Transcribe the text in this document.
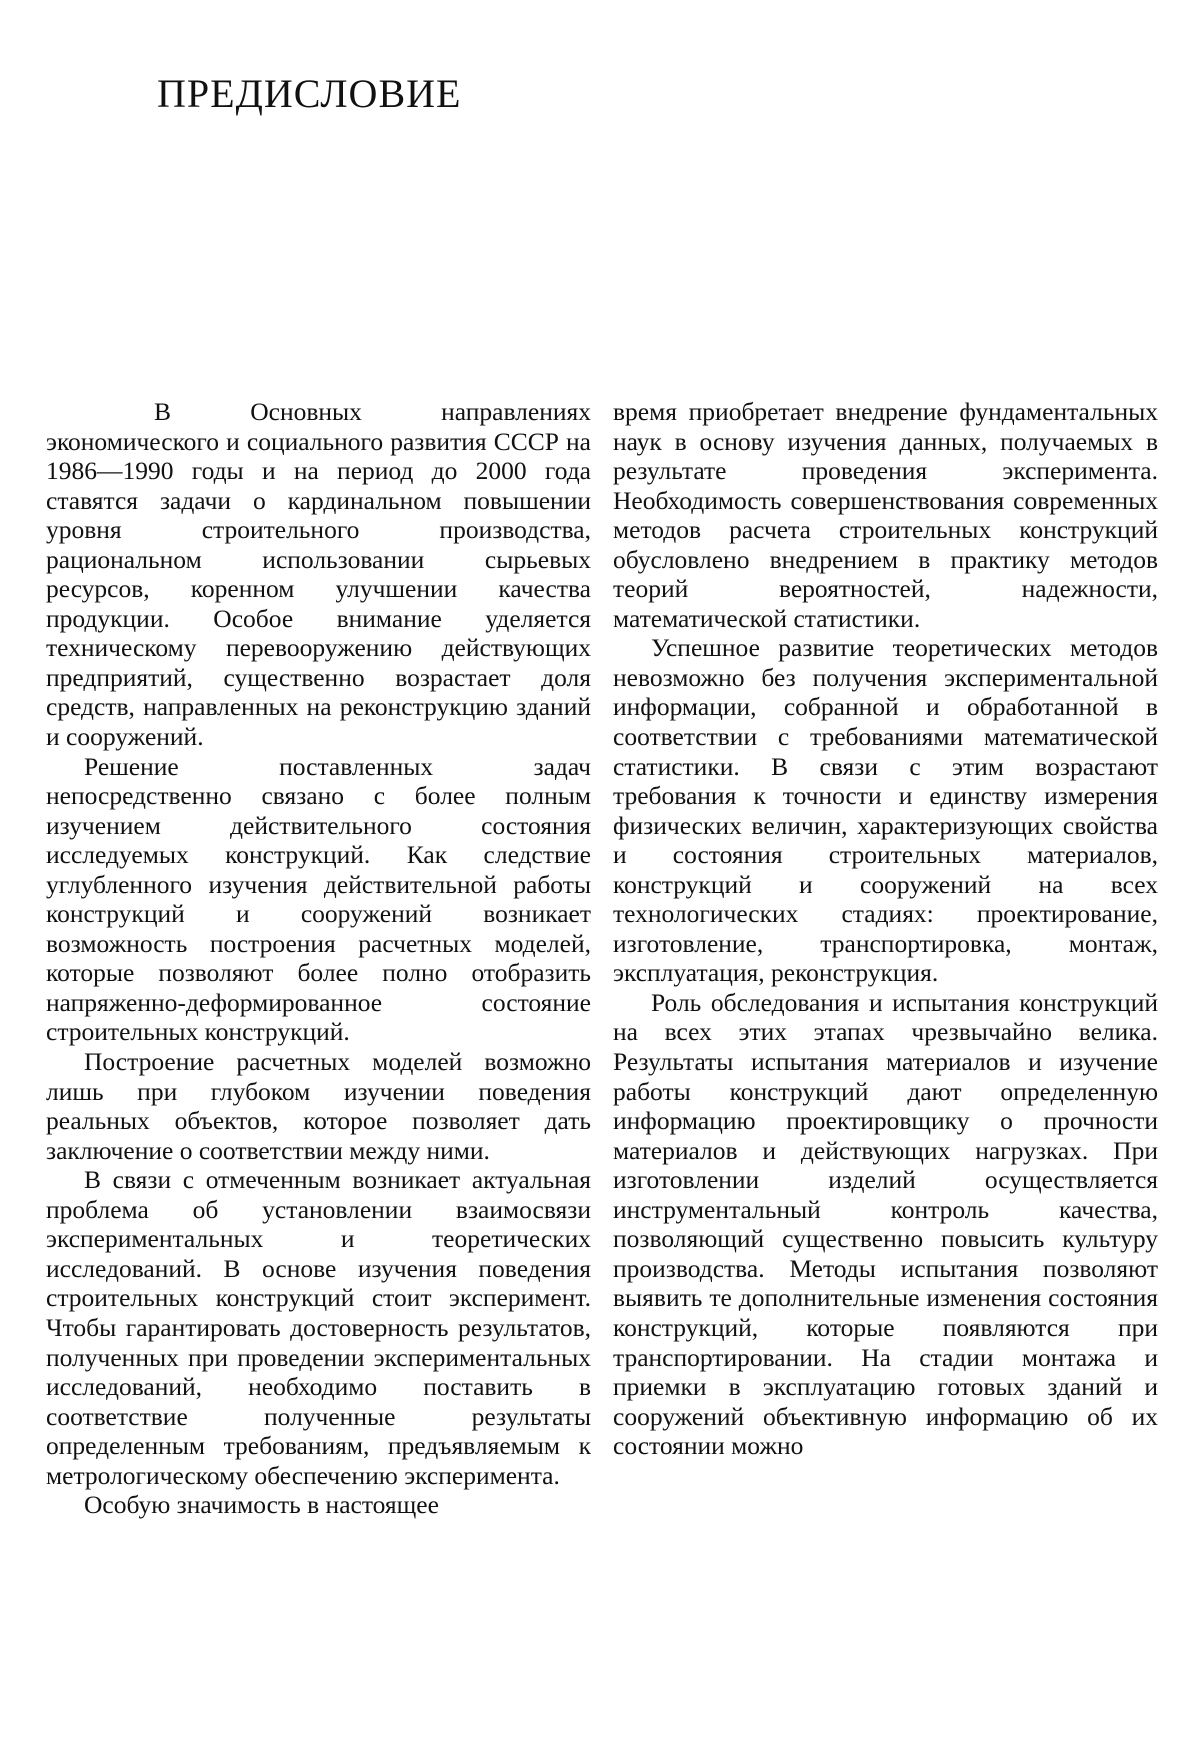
ПРЕДИСЛОВИЕ

В Основных направлениях экономического и социального развития СССР на 1986—1990 годы и на период до 2000 года ставятся задачи о кардинальном повышении уровня строительного производства, рациональном использовании сырьевых ресурсов, коренном улучшении качества продукции. Особое внимание уделяется техническому перевооружению действующих предприятий, существенно возрастает доля средств, направленных на реконструкцию зданий и сооружений.

Решение поставленных задач непосредственно связано с более полным изучением действительного состояния исследуемых конструкций. Как следствие углубленного изучения действительной работы конструкций и сооружений возникает возможность построения расчетных моделей, которые позволяют более полно отобразить напряженно-деформированное состояние строительных конструкций.

Построение расчетных моделей возможно лишь при глубоком изучении поведения реальных объектов, которое позволяет дать заключение о соответствии между ними.

В связи с отмеченным возникает актуальная проблема об установлении взаимосвязи экспериментальных и теоретических исследований. В основе изучения поведения строительных конструкций стоит эксперимент. Чтобы гарантировать достоверность результатов, полученных при проведении экспериментальных исследований, необходимо поставить в соответствие полученные результаты определенным требованиям, предъявляемым к метрологическому обеспечению эксперимента.

Особую значимость в настоящее

время приобретает внедрение фундаментальных наук в основу изучения данных, получаемых в результате проведения эксперимента. Необходимость совершенствования современных методов расчета строительных конструкций обусловлено внедрением в практику методов теорий вероятностей, надежности, математической статистики.

Успешное развитие теоретических методов невозможно без получения экспериментальной информации, собранной и обработанной в соответствии с требованиями математической статистики. В связи с этим возрастают требования к точности и единству измерения физических величин, характеризующих свойства и состояния строительных материалов, конструкций и сооружений на всех технологических стадиях: проектирование, изготовление, транспортировка, монтаж, эксплуатация, реконструкция.

Роль обследования и испытания конструкций на всех этих этапах чрезвычайно велика. Результаты испытания материалов и изучение работы конструкций дают определенную информацию проектировщику о прочности материалов и действующих нагрузках. При изготовлении изделий осуществляется инструментальный контроль качества, позволяющий существенно повысить культуру производства. Методы испытания позволяют выявить те дополнительные изменения состояния конструкций, которые появляются при транспортировании. На стадии монтажа и приемки в эксплуатацию готовых зданий и сооружений объективную информацию об их состоянии можно
